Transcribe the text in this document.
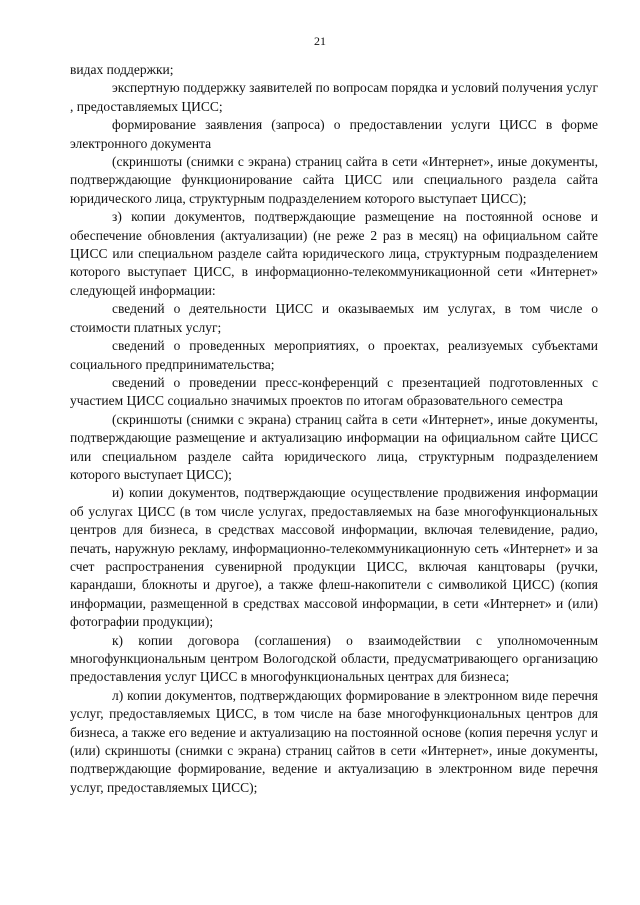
21

видах поддержки;

экспертную поддержку заявителей по вопросам порядка и условий получения услуг , предоставляемых ЦИСС;

формирование заявления (запроса) о предоставлении услуги ЦИСС в форме электронного документа

(скриншоты (снимки с экрана) страниц сайта в сети «Интернет», иные документы, подтверждающие функционирование сайта ЦИСС или специального раздела сайта юридического лица, структурным подразделением которого выступает ЦИСС);

з) копии документов, подтверждающие размещение на постоянной основе и обеспечение обновления (актуализации) (не реже 2 раз в месяц) на официальном сайте ЦИСС или специальном разделе сайта юридического лица, структурным подразделением которого выступает ЦИСС, в информационно-телекоммуникационной сети «Интернет» следующей информации:

сведений о деятельности ЦИСС и оказываемых им услугах, в том числе о стоимости платных услуг;

сведений о проведенных мероприятиях, о проектах, реализуемых субъектами социального предпринимательства;

сведений о проведении пресс-конференций с презентацией подготовленных с участием ЦИСС социально значимых проектов по итогам образовательного семестра

(скриншоты (снимки с экрана) страниц сайта в сети «Интернет», иные документы, подтверждающие размещение и актуализацию информации на официальном сайте ЦИСС или специальном разделе сайта юридического лица, структурным подразделением которого выступает ЦИСС);

и) копии документов, подтверждающие осуществление продвижения информации об услугах ЦИСС (в том числе услугах, предоставляемых на базе многофункциональных центров для бизнеса, в средствах массовой информации, включая телевидение, радио, печать, наружную рекламу, информационно-телекоммуникационную сеть «Интернет» и за счет распространения сувенирной продукции ЦИСС, включая канцтовары (ручки, карандаши, блокноты и другое), а также флеш-накопители с символикой ЦИСС) (копия информации, размещенной в средствах массовой информации, в сети «Интернет» и (или) фотографии продукции);

к) копии договора (соглашения) о взаимодействии с уполномоченным многофункциональным центром Вологодской области, предусматривающего организацию предоставления услуг ЦИСС в многофункциональных центрах для бизнеса;

л) копии документов, подтверждающих формирование в электронном виде перечня услуг, предоставляемых ЦИСС, в том числе на базе многофункциональных центров для бизнеса, а также его ведение и актуализацию на постоянной основе (копия перечня услуг и (или) скриншоты (снимки с экрана) страниц сайтов в сети «Интернет», иные документы, подтверждающие формирование, ведение и актуализацию в электронном виде перечня услуг, предоставляемых ЦИСС);
